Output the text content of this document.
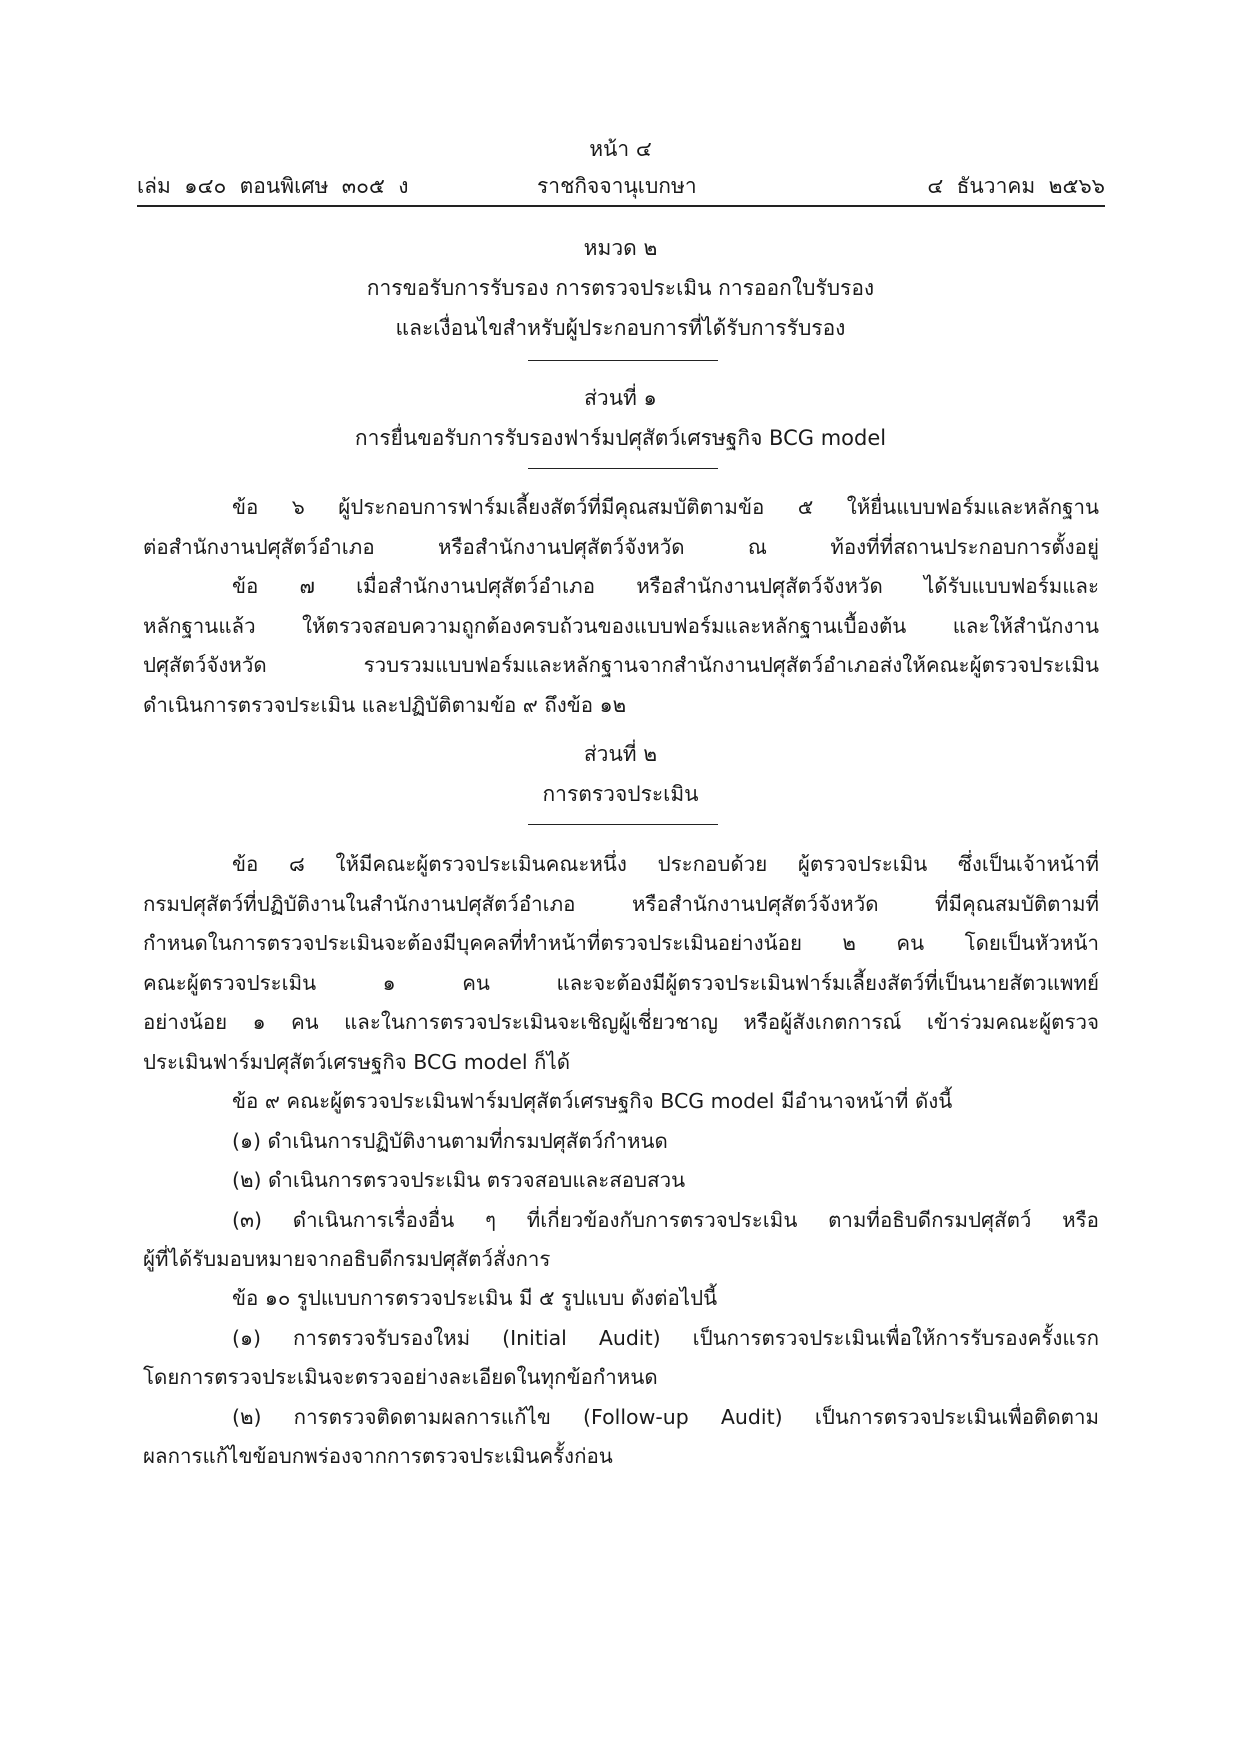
หน้า ๔
เล่ม  ๑๔๐  ตอนพิเศษ  ๓๐๕  ง	ราชกิจจานุเบกษา	๔  ธันวาคม  ๒๕๖๖
หมวด ๒
การขอรับการรับรอง การตรวจประเมิน การออกใบรับรอง
และเงื่อนไขสำหรับผู้ประกอบการที่ได้รับการรับรอง
ส่วนที่ ๑
การยื่นขอรับการรับรองฟาร์มปศุสัตว์เศรษฐกิจ BCG model
ข้อ ๖ ผู้ประกอบการฟาร์มเลี้ยงสัตว์ที่มีคุณสมบัติตามข้อ ๕ ให้ยื่นแบบฟอร์มและหลักฐาน
ต่อสำนักงานปศุสัตว์อำเภอ หรือสำนักงานปศุสัตว์จังหวัด ณ ท้องที่ที่สถานประกอบการตั้งอยู่
ข้อ ๗ เมื่อสำนักงานปศุสัตว์อำเภอ หรือสำนักงานปศุสัตว์จังหวัด ได้รับแบบฟอร์มและ
หลักฐานแล้ว ให้ตรวจสอบความถูกต้องครบถ้วนของแบบฟอร์มและหลักฐานเบื้องต้น และให้สำนักงาน
ปศุสัตว์จังหวัด รวบรวมแบบฟอร์มและหลักฐานจากสำนักงานปศุสัตว์อำเภอส่งให้คณะผู้ตรวจประเมิน
ดำเนินการตรวจประเมิน และปฏิบัติตามข้อ ๙ ถึงข้อ ๑๒
ส่วนที่ ๒
การตรวจประเมิน
ข้อ ๘ ให้มีคณะผู้ตรวจประเมินคณะหนึ่ง ประกอบด้วย ผู้ตรวจประเมิน ซึ่งเป็นเจ้าหน้าที่
กรมปศุสัตว์ที่ปฏิบัติงานในสำนักงานปศุสัตว์อำเภอ หรือสำนักงานปศุสัตว์จังหวัด ที่มีคุณสมบัติตามที่
กำหนดในการตรวจประเมินจะต้องมีบุคคลที่ทำหน้าที่ตรวจประเมินอย่างน้อย ๒ คน โดยเป็นหัวหน้า
คณะผู้ตรวจประเมิน ๑ คน และจะต้องมีผู้ตรวจประเมินฟาร์มเลี้ยงสัตว์ที่เป็นนายสัตวแพทย์
อย่างน้อย ๑ คน และในการตรวจประเมินจะเชิญผู้เชี่ยวชาญ หรือผู้สังเกตการณ์ เข้าร่วมคณะผู้ตรวจ
ประเมินฟาร์มปศุสัตว์เศรษฐกิจ BCG model ก็ได้
ข้อ ๙ คณะผู้ตรวจประเมินฟาร์มปศุสัตว์เศรษฐกิจ BCG model มีอำนาจหน้าที่ ดังนี้
(๑) ดำเนินการปฏิบัติงานตามที่กรมปศุสัตว์กำหนด
(๒) ดำเนินการตรวจประเมิน ตรวจสอบและสอบสวน
(๓) ดำเนินการเรื่องอื่น ๆ ที่เกี่ยวข้องกับการตรวจประเมิน ตามที่อธิบดีกรมปศุสัตว์ หรือ
ผู้ที่ได้รับมอบหมายจากอธิบดีกรมปศุสัตว์สั่งการ
ข้อ ๑๐ รูปแบบการตรวจประเมิน มี ๕ รูปแบบ ดังต่อไปนี้
(๑) การตรวจรับรองใหม่ (Initial Audit) เป็นการตรวจประเมินเพื่อให้การรับรองครั้งแรก
โดยการตรวจประเมินจะตรวจอย่างละเอียดในทุกข้อกำหนด
(๒) การตรวจติดตามผลการแก้ไข (Follow-up Audit) เป็นการตรวจประเมินเพื่อติดตาม
ผลการแก้ไขข้อบกพร่องจากการตรวจประเมินครั้งก่อน
